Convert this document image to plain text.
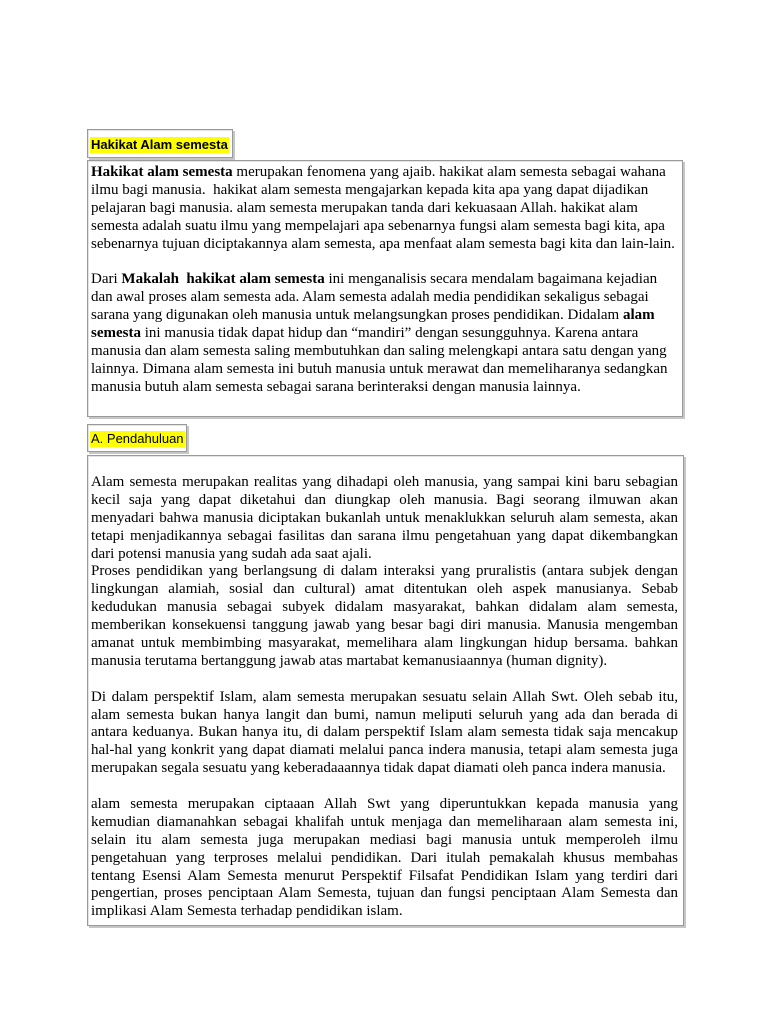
Hakikat Alam semesta
Hakikat alam semesta merupakan fenomena yang ajaib. hakikat alam semesta sebagai wahana
ilmu bagi manusia.  hakikat alam semesta mengajarkan kepada kita apa yang dapat dijadikan
pelajaran bagi manusia. alam semesta merupakan tanda dari kekuasaan Allah. hakikat alam
semesta adalah suatu ilmu yang mempelajari apa sebenarnya fungsi alam semesta bagi kita, apa
sebenarnya tujuan diciptakannya alam semesta, apa menfaat alam semesta bagi kita dan lain-lain.
Dari Makalah  hakikat alam semesta ini menganalisis secara mendalam bagaimana kejadian
dan awal proses alam semesta ada. Alam semesta adalah media pendidikan sekaligus sebagai
sarana yang digunakan oleh manusia untuk melangsungkan proses pendidikan. Didalam alam
semesta ini manusia tidak dapat hidup dan “mandiri” dengan sesungguhnya. Karena antara
manusia dan alam semesta saling membutuhkan dan saling melengkapi antara satu dengan yang
lainnya. Dimana alam semesta ini butuh manusia untuk merawat dan memeliharanya sedangkan
manusia butuh alam semesta sebagai sarana berinteraksi dengan manusia lainnya.
A. Pendahuluan
Alam semesta merupakan realitas yang dihadapi oleh manusia, yang sampai kini baru sebagian
kecil saja yang dapat diketahui dan diungkap oleh manusia. Bagi seorang ilmuwan akan
menyadari bahwa manusia diciptakan bukanlah untuk menaklukkan seluruh alam semesta, akan
tetapi menjadikannya sebagai fasilitas dan sarana ilmu pengetahuan yang dapat dikembangkan
dari potensi manusia yang sudah ada saat ajali.
Proses pendidikan yang berlangsung di dalam interaksi yang pruralistis (antara subjek dengan
lingkungan alamiah, sosial dan cultural) amat ditentukan oleh aspek manusianya. Sebab
kedudukan manusia sebagai subyek didalam masyarakat, bahkan didalam alam semesta,
memberikan konsekuensi tanggung jawab yang besar bagi diri manusia. Manusia mengemban
amanat untuk membimbing masyarakat, memelihara alam lingkungan hidup bersama. bahkan
manusia terutama bertanggung jawab atas martabat kemanusiaannya (human dignity).
Di dalam perspektif Islam, alam semesta merupakan sesuatu selain Allah Swt. Oleh sebab itu,
alam semesta bukan hanya langit dan bumi, namun meliputi seluruh yang ada dan berada di
antara keduanya. Bukan hanya itu, di dalam perspektif Islam alam semesta tidak saja mencakup
hal-hal yang konkrit yang dapat diamati melalui panca indera manusia, tetapi alam semesta juga
merupakan segala sesuatu yang keberadaaannya tidak dapat diamati oleh panca indera manusia.
alam semesta merupakan ciptaaan Allah Swt yang diperuntukkan kepada manusia yang
kemudian diamanahkan sebagai khalifah untuk menjaga dan memeliharaan alam semesta ini,
selain itu alam semesta juga merupakan mediasi bagi manusia untuk memperoleh ilmu
pengetahuan yang terproses melalui pendidikan. Dari itulah pemakalah khusus membahas
tentang Esensi Alam Semesta menurut Perspektif Filsafat Pendidikan Islam yang terdiri dari
pengertian, proses penciptaan Alam Semesta, tujuan dan fungsi penciptaan Alam Semesta dan
implikasi Alam Semesta terhadap pendidikan islam.
